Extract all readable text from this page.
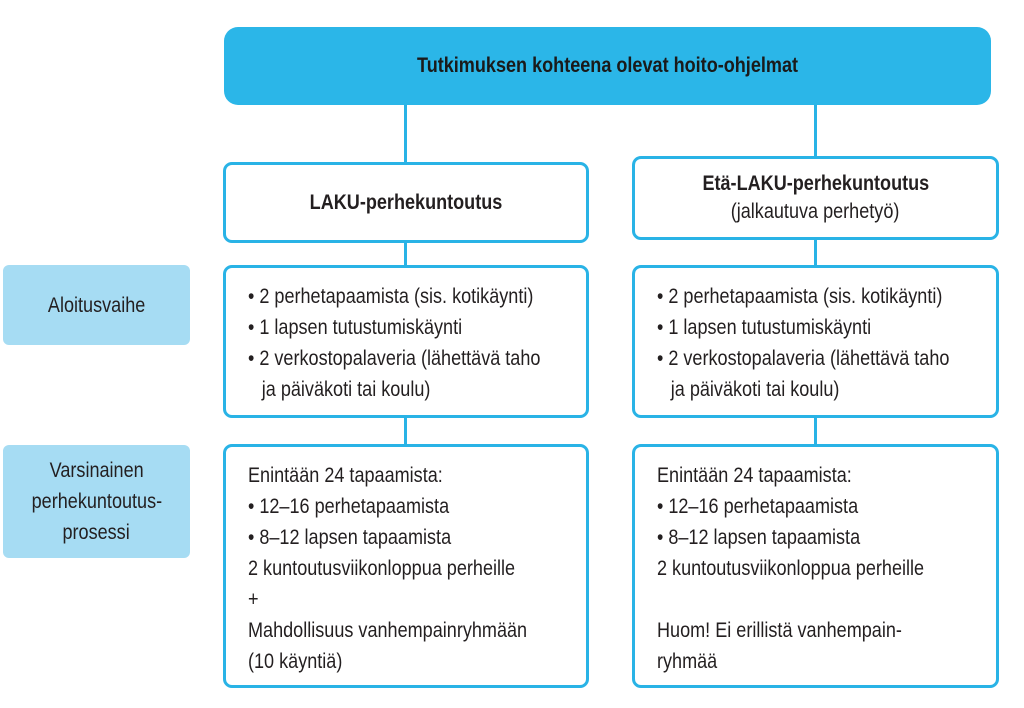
Tutkimuksen kohteena olevat hoito-ohjelmat
LAKU-perhekuntoutus
Etä-LAKU-perhekuntoutus
(jalkautuva perhetyö)
Aloitusvaihe
Varsinainen
perhekuntoutus-
prosessi
• 2 perhetapaamista (sis. kotikäynti)
• 1 lapsen tutustumiskäynti
• 2 verkostopalaveria (lähettävä taho
ja päiväkoti tai koulu)
• 2 perhetapaamista (sis. kotikäynti)
• 1 lapsen tutustumiskäynti
• 2 verkostopalaveria (lähettävä taho
ja päiväkoti tai koulu)
Enintään 24 tapaamista:
• 12–16 perhetapaamista
• 8–12 lapsen tapaamista
2 kuntoutusviikonloppua perheille
+
Mahdollisuus vanhempainryhmään
(10 käyntiä)
Enintään 24 tapaamista:
• 12–16 perhetapaamista
• 8–12 lapsen tapaamista
2 kuntoutusviikonloppua perheille
Huom! Ei erillistä vanhempain-
ryhmää
